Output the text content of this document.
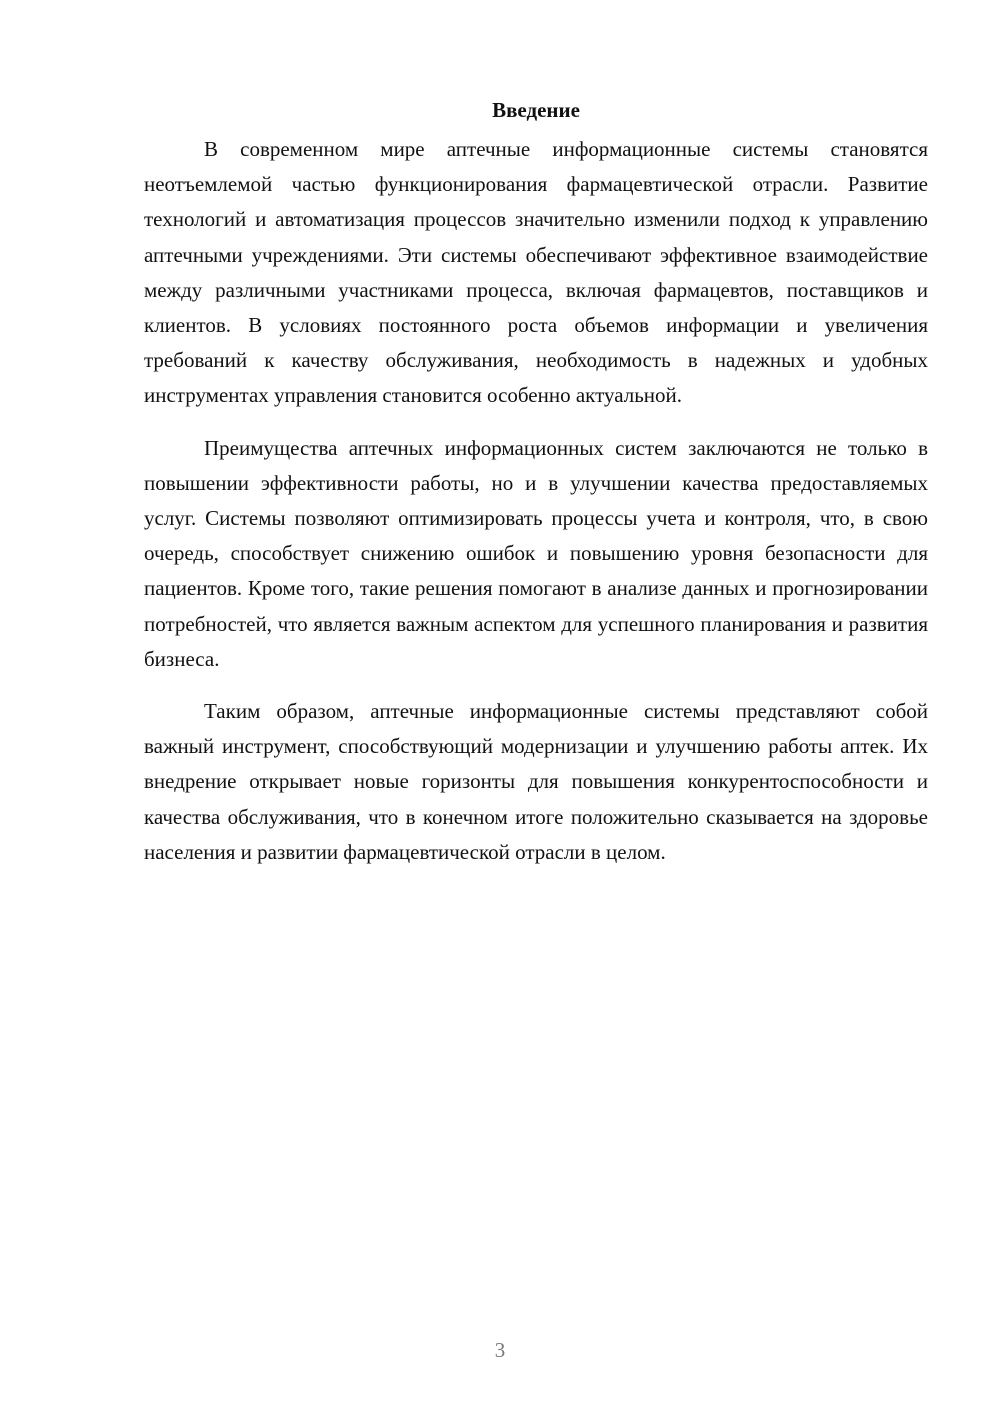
Введение

В современном мире аптечные информационные системы становятся неотъемлемой частью функционирования фармацевтической отрасли. Развитие технологий и автоматизация процессов значительно изменили подход к управлению аптечными учреждениями. Эти системы обеспечивают эффективное взаимодействие между различными участниками процесса, включая фармацевтов, поставщиков и клиентов. В условиях постоянного роста объемов информации и увеличения требований к качеству обслуживания, необходимость в надежных и удобных инструментах управления становится особенно актуальной.

Преимущества аптечных информационных систем заключаются не только в повышении эффективности работы, но и в улучшении качества предоставляемых услуг. Системы позволяют оптимизировать процессы учета и контроля, что, в свою очередь, способствует снижению ошибок и повышению уровня безопасности для пациентов. Кроме того, такие решения помогают в анализе данных и прогнозировании потребностей, что является важным аспектом для успешного планирования и развития бизнеса.

Таким образом, аптечные информационные системы представляют собой важный инструмент, способствующий модернизации и улучшению работы аптек. Их внедрение открывает новые горизонты для повышения конкурентоспособности и качества обслуживания, что в конечном итоге положительно сказывается на здоровье населения и развитии фармацевтической отрасли в целом.

3
